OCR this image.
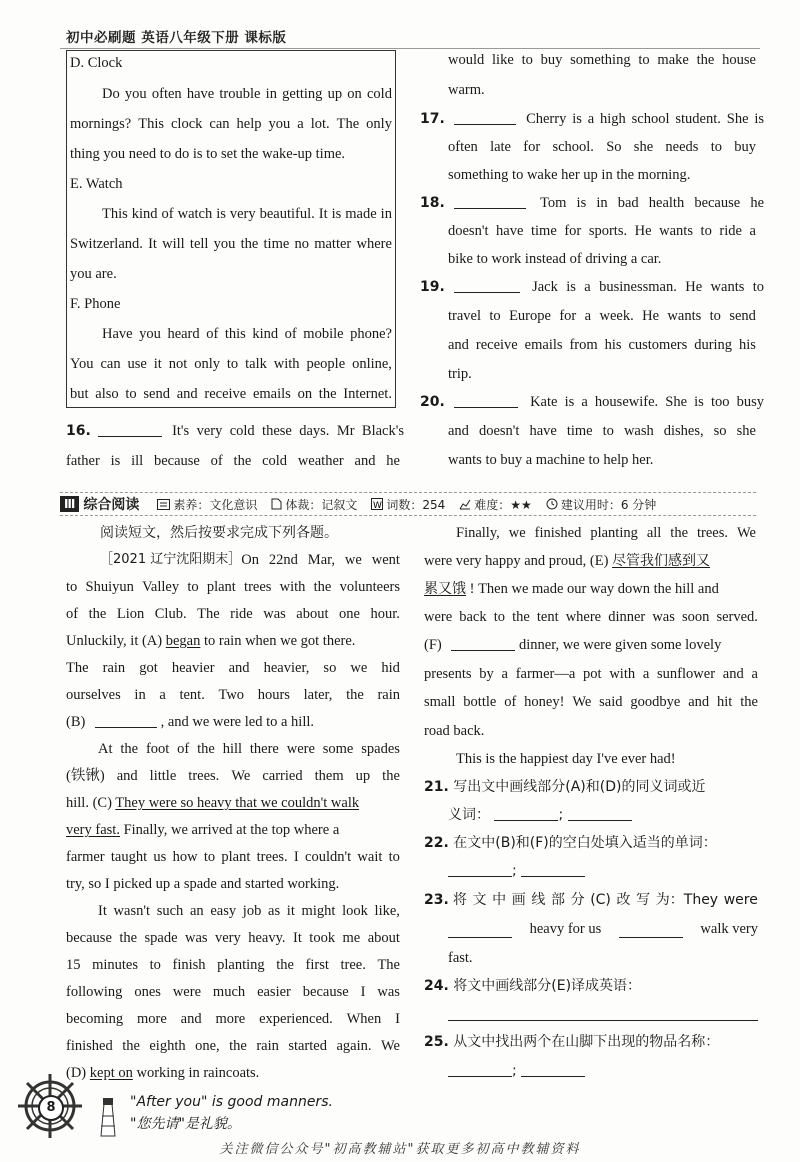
初中必刷题 英语八年级下册 课标版
D. Clock
Do you often have trouble in getting up on cold
mornings? This clock can help you a lot. The only
thing you need to do is to set the wake-up time.
E. Watch
This kind of watch is very beautiful. It is made in
Switzerland. It will tell you the time no matter where
you are.
F. Phone
Have you heard of this kind of mobile phone?
You can use it not only to talk with people online,
but also to send and receive emails on the Internet.
16.	It's very cold these days. Mr Black's
father is ill because of the cold weather and he
would like to buy something to make the house
warm.
17.	Cherry is a high school student. She is
often late for school. So she needs to buy
something to wake her up in the morning.
18.	Tom is in bad health because he
doesn't have time for sports. He wants to ride a
bike to work instead of driving a car.
19.	Jack is a businessman. He wants to
travel to Europe for a week. He wants to send
and receive emails from his customers during his
trip.
20.	Kate is a housewife. She is too busy
and doesn't have time to wash dishes, so she
wants to buy a machine to help her.
Ⅲ 综合阅读	素养：文化意识 体裁：记叙文 W 词数：254 难度：★★ 建议用时：6 分钟
阅读短文，然后按要求完成下列各题。
［2021 辽宁沈阳期末］ On 22nd Mar, we went
to Shuiyun Valley to plant trees with the volunteers
of the Lion Club. The ride was about one hour.
Unluckily, it (A) began to rain when we got there.
The rain got heavier and heavier, so we hid
ourselves in a tent. Two hours later, the rain
(B)	, and we were led to a hill.
At the foot of the hill there were some spades
(铁锹) and little trees. We carried them up the
hill. (C) They were so heavy that we couldn't walk
very fast. Finally, we arrived at the top where a
farmer taught us how to plant trees. I couldn't wait to
try, so I picked up a spade and started working.
It wasn't such an easy job as it might look like,
because the spade was very heavy. It took me about
15 minutes to finish planting the first tree. The
following ones were much easier because I was
becoming more and more experienced. When I
finished the eighth one, the rain started again. We
(D) kept on working in raincoats.
Finally, we finished planting all the trees. We
were very happy and proud, (E) 尽管我们感到又
累又饿 ! Then we made our way down the hill and
were back to the tent where dinner was soon served.
(F)	dinner, we were given some lovely
presents by a farmer—a pot with a sunflower and a
small bottle of honey! We said goodbye and hit the
road back.
This is the happiest day I've ever had!
21. 写出文中画线部分(A)和(D)的同义词或近
义词：	;
22. 在文中(B)和(F)的空白处填入适当的单词：
;
23. 将 文 中 画 线 部 分 (C) 改 写 为：They were
heavy for us	walk very
fast.
24. 将文中画线部分(E)译成英语：
25. 从文中找出两个在山脚下出现的物品名称：
;
8	"After you" is good manners.
"您先请"是礼貌。
关注微信公众号"初高教辅站"获取更多初高中教辅资料
